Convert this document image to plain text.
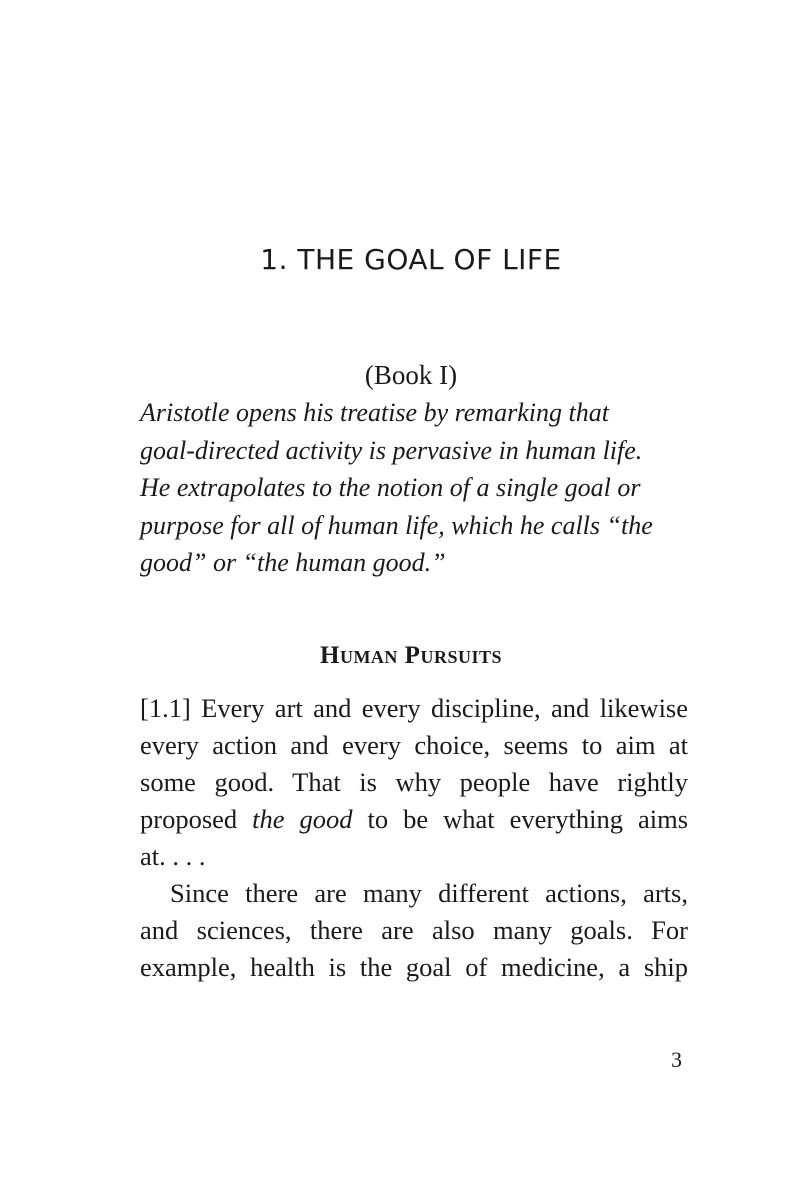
1. THE GOAL OF LIFE

(Book I)

Aristotle opens his treatise by remarking that
goal-directed activity is pervasive in human life.
He extrapolates to the notion of a single goal or
purpose for all of human life, which he calls “the
good” or “the human good.”

Human Pursuits
[1.1] Every art and every discipline, and likewise
every action and every choice, seems to aim at
some good. That is why people have rightly
proposed the good to be what everything aims
at. . . .
Since there are many different actions, arts,
and sciences, there are also many goals. For
example, health is the goal of medicine, a ship

3
